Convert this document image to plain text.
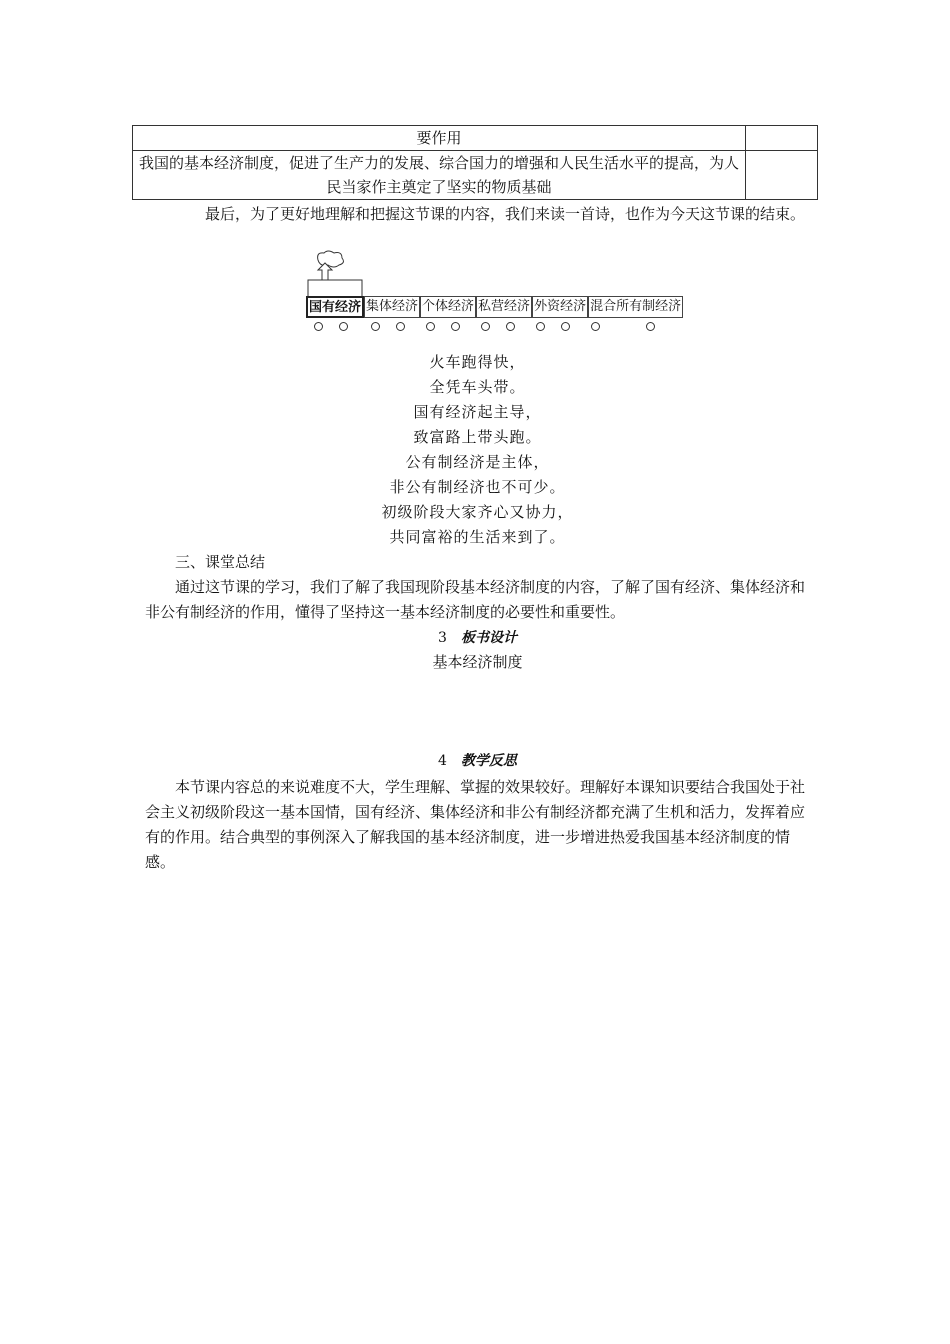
要作用	
我国的基本经济制度，促进了生产力的发展、综合国力的增强和人民生活水平的提高，为人民当家作主奠定了坚实的物质基础	
最后，为了更好地理解和把握这节课的内容，我们来读一首诗，也作为今天这节课的结束。
国有经济 集体经济 个体经济 私营经济 外资经济 混合所有制经济
火车跑得快，
全凭车头带。
国有经济起主导，
致富路上带头跑。
公有制经济是主体，
非公有制经济也不可少。
初级阶段大家齐心又协力，
共同富裕的生活来到了。
三、课堂总结
通过这节课的学习，我们了解了我国现阶段基本经济制度的内容，了解了国有经济、集体经济和非公有制经济的作用，懂得了坚持这一基本经济制度的必要性和重要性。
3 板书设计
基本经济制度
4 教学反思
本节课内容总的来说难度不大，学生理解、掌握的效果较好。理解好本课知识要结合我国处于社会主义初级阶段这一基本国情，国有经济、集体经济和非公有制经济都充满了生机和活力，发挥着应有的作用。结合典型的事例深入了解我国的基本经济制度，进一步增进热爱我国基本经济制度的情感。
